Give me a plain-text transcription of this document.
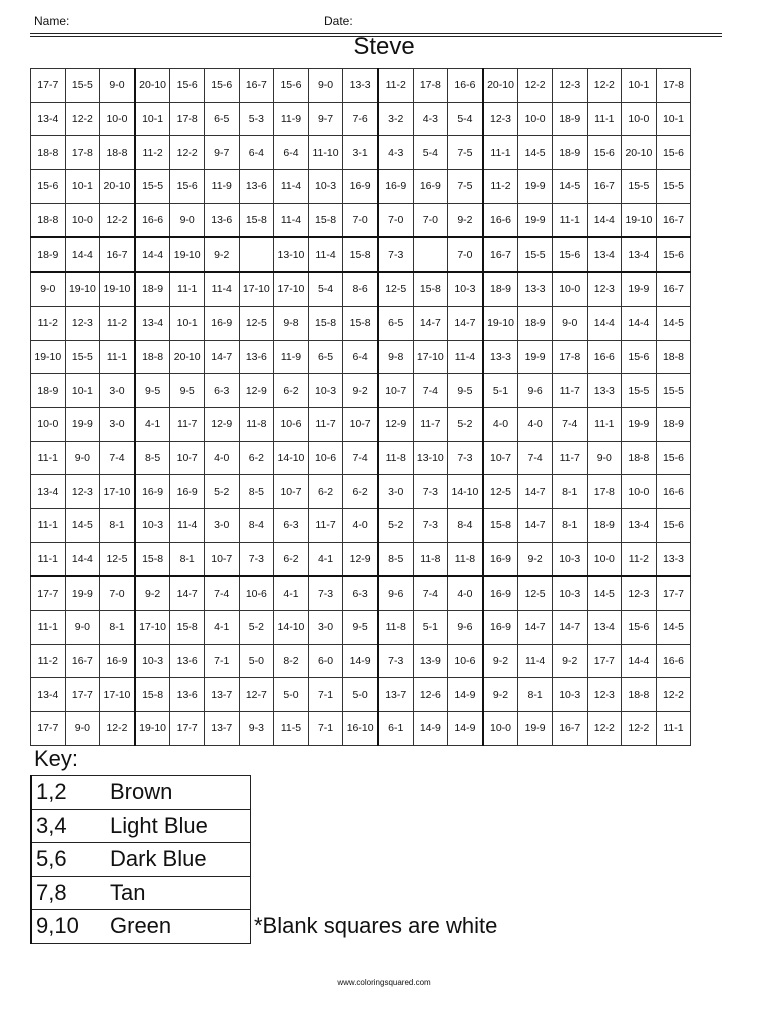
Name:	Date:
Steve
17-7	15-5	9-0	20-10	15-6	15-6	16-7	15-6	9-0	13-3	11-2	17-8	16-6	20-10	12-2	12-3	12-2	10-1	17-8
13-4	12-2	10-0	10-1	17-8	6-5	5-3	11-9	9-7	7-6	3-2	4-3	5-4	12-3	10-0	18-9	11-1	10-0	10-1
18-8	17-8	18-8	11-2	12-2	9-7	6-4	6-4	11-10	3-1	4-3	5-4	7-5	11-1	14-5	18-9	15-6	20-10	15-6
15-6	10-1	20-10	15-5	15-6	11-9	13-6	11-4	10-3	16-9	16-9	16-9	7-5	11-2	19-9	14-5	16-7	15-5	15-5
18-8	10-0	12-2	16-6	9-0	13-6	15-8	11-4	15-8	7-0	7-0	7-0	9-2	16-6	19-9	11-1	14-4	19-10	16-7
18-9	14-4	16-7	14-4	19-10	9-2		13-10	11-4	15-8	7-3		7-0	16-7	15-5	15-6	13-4	13-4	15-6
9-0	19-10	19-10	18-9	11-1	11-4	17-10	17-10	5-4	8-6	12-5	15-8	10-3	18-9	13-3	10-0	12-3	19-9	16-7
11-2	12-3	11-2	13-4	10-1	16-9	12-5	9-8	15-8	15-8	6-5	14-7	14-7	19-10	18-9	9-0	14-4	14-4	14-5
19-10	15-5	11-1	18-8	20-10	14-7	13-6	11-9	6-5	6-4	9-8	17-10	11-4	13-3	19-9	17-8	16-6	15-6	18-8
18-9	10-1	3-0	9-5	9-5	6-3	12-9	6-2	10-3	9-2	10-7	7-4	9-5	5-1	9-6	11-7	13-3	15-5	15-5
10-0	19-9	3-0	4-1	11-7	12-9	11-8	10-6	11-7	10-7	12-9	11-7	5-2	4-0	4-0	7-4	11-1	19-9	18-9
11-1	9-0	7-4	8-5	10-7	4-0	6-2	14-10	10-6	7-4	11-8	13-10	7-3	10-7	7-4	11-7	9-0	18-8	15-6
13-4	12-3	17-10	16-9	16-9	5-2	8-5	10-7	6-2	6-2	3-0	7-3	14-10	12-5	14-7	8-1	17-8	10-0	16-6
11-1	14-5	8-1	10-3	11-4	3-0	8-4	6-3	11-7	4-0	5-2	7-3	8-4	15-8	14-7	8-1	18-9	13-4	15-6
11-1	14-4	12-5	15-8	8-1	10-7	7-3	6-2	4-1	12-9	8-5	11-8	11-8	16-9	9-2	10-3	10-0	11-2	13-3
17-7	19-9	7-0	9-2	14-7	7-4	10-6	4-1	7-3	6-3	9-6	7-4	4-0	16-9	12-5	10-3	14-5	12-3	17-7
11-1	9-0	8-1	17-10	15-8	4-1	5-2	14-10	3-0	9-5	11-8	5-1	9-6	16-9	14-7	14-7	13-4	15-6	14-5
11-2	16-7	16-9	10-3	13-6	7-1	5-0	8-2	6-0	14-9	7-3	13-9	10-6	9-2	11-4	9-2	17-7	14-4	16-6
13-4	17-7	17-10	15-8	13-6	13-7	12-7	5-0	7-1	5-0	13-7	12-6	14-9	9-2	8-1	10-3	12-3	18-8	12-2
17-7	9-0	12-2	19-10	17-7	13-7	9-3	11-5	7-1	16-10	6-1	14-9	14-9	10-0	19-9	16-7	12-2	12-2	11-1
Key:
1,2	Brown
3,4	Light Blue
5,6	Dark Blue
7,8	Tan
9,10	Green	*Blank squares are white
www.coloringsquared.com
